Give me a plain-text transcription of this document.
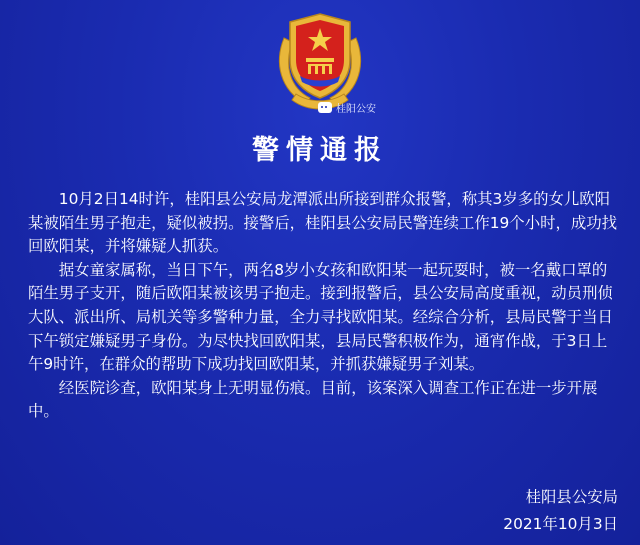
桂阳公安
警情通报

10月2日14时许，桂阳县公安局龙潭派出所接到群众报警，称其3岁多的女儿欧阳某被陌生男子抱走，疑似被拐。接警后，桂阳县公安局民警连续工作19个小时，成功找回欧阳某，并将嫌疑人抓获。

据女童家属称，当日下午，两名8岁小女孩和欧阳某一起玩耍时，被一名戴口罩的陌生男子支开，随后欧阳某被该男子抱走。接到报警后，县公安局高度重视，动员刑侦大队、派出所、局机关等多警种力量，全力寻找欧阳某。经综合分析，县局民警于当日下午锁定嫌疑男子身份。为尽快找回欧阳某，县局民警积极作为，通宵作战，于3日上午9时许，在群众的帮助下成功找回欧阳某，并抓获嫌疑男子刘某。

经医院诊查，欧阳某身上无明显伤痕。目前，该案深入调查工作正在进一步开展中。

桂阳县公安局
2021年10月3日
